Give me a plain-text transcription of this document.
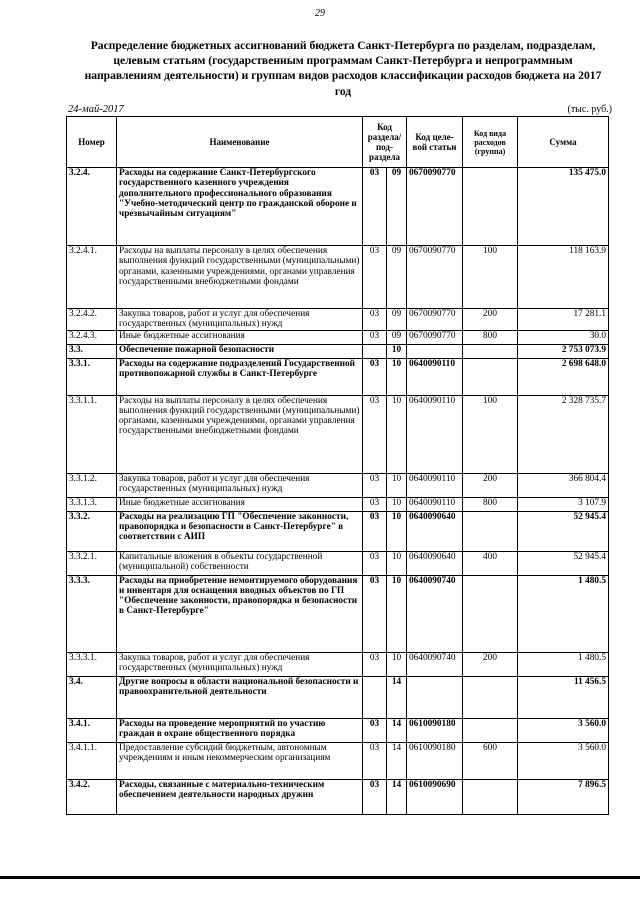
29
Распределение бюджетных ассигнований бюджета Санкт-Петербурга по разделам, подразделам, целевым статьям (государственным программам Санкт-Петербурга и непрограммным направлениям деятельности) и группам видов расходов классификации расходов бюджета на 2017 год
24-май-2017	(тыс. руб.)
Номер	Наименование	Код раздела/ под-раздела		Код целе-вой статьи	Код вида расходов (группа)	Сумма
3.2.4.	Расходы на содержание Санкт-Петербургского государственного казенного учреждения дополнительного профессионального образования "Учебно-методический центр по гражданской обороне и чрезвычайным ситуациям"	03	09	0670090770		135 475.0
3.2.4.1.	Расходы на выплаты персоналу в целях обеспечения выполнения функций государственными (муниципальными) органами, казенными учреждениями, органами управления государственными внебюджетными фондами	03	09	0670090770	100	118 163.9
3.2.4.2.	Закупка товаров, работ и услуг для обеспечения государственных (муниципальных) нужд	03	09	0670090770	200	17 281.1
3.2.4.3.	Иные бюджетные ассигнования	03	09	0670090770	800	30.0
3.3.	Обеспечение пожарной безопасности		10			2 753 073.9
3.3.1.	Расходы на содержание подразделений Государственной противопожарной службы в Санкт-Петербурге	03	10	0640090110		2 698 648.0
3.3.1.1.	Расходы на выплаты персоналу в целях обеспечения выполнения функций государственными (муниципальными) органами, казенными учреждениями, органами управления государственными внебюджетными фондами	03	10	0640090110	100	2 328 735.7
3.3.1.2.	Закупка товаров, работ и услуг для обеспечения государственных (муниципальных) нужд	03	10	0640090110	200	366 804.4
3.3.1.3.	Иные бюджетные ассигнования	03	10	0640090110	800	3 107.9
3.3.2.	Расходы на реализацию ГП "Обеспечение законности, правопорядка и безопасности в Санкт-Петербурге" в соответствии с АИП	03	10	0640090640		52 945.4
3.3.2.1.	Капитальные вложения в объекты государственной (муниципальной) собственности	03	10	0640090640	400	52 945.4
3.3.3.	Расходы на приобретение немонтируемого оборудования и инвентаря для оснащения вводных объектов по ГП "Обеспечение законности, правопорядка и безопасности в Санкт-Петербурге"	03	10	0640090740		1 480.5
3.3.3.1.	Закупка товаров, работ и услуг для обеспечения государственных (муниципальных) нужд	03	10	0640090740	200	1 480.5
3.4.	Другие вопросы в области национальной безопасности и правоохранительной деятельности		14			11 456.5
3.4.1.	Расходы на проведение мероприятий по участию граждан в охране общественного порядка	03	14	0610090180		3 560.0
3.4.1.1.	Предоставление субсидий бюджетным, автономным учреждениям и иным некоммерческим организациям	03	14	0610090180	600	3 560.0
3.4.2.	Расходы, связанные с материально-техническим обеспечением деятельности народных дружин	03	14	0610090690		7 896.5
